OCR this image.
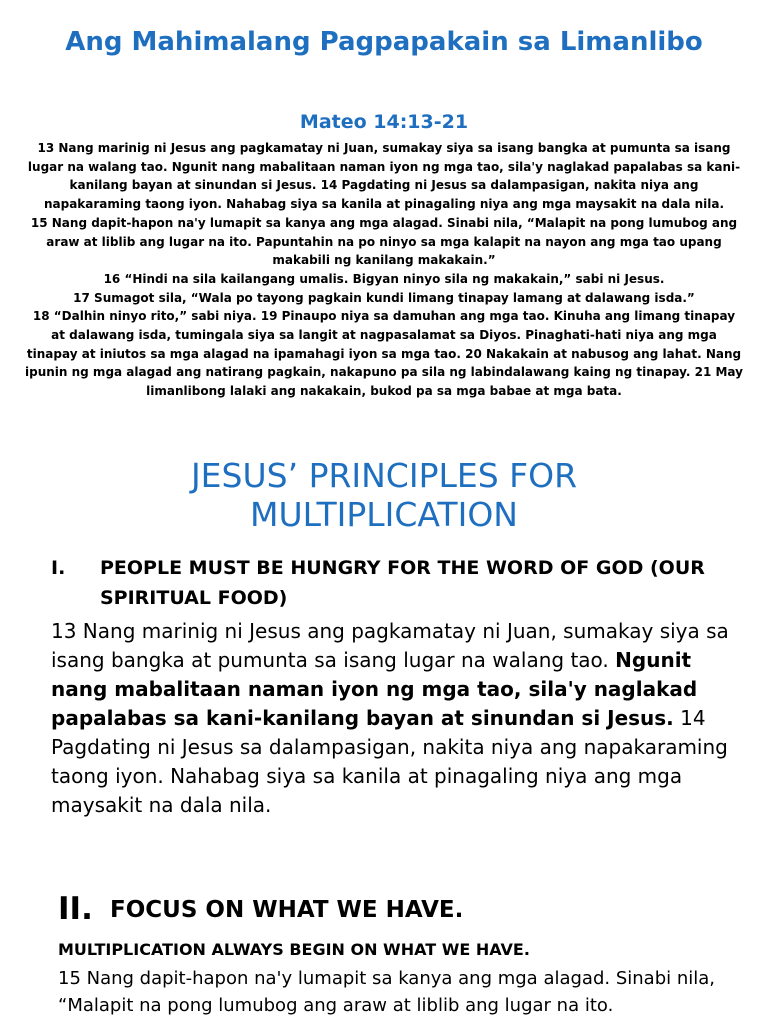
Ang Mahimalang Pagpapakain sa Limanlibo
Mateo 14:13-21

13 Nang marinig ni Jesus ang pagkamatay ni Juan, sumakay siya sa isang bangka at pumunta sa isang lugar na walang tao. Ngunit nang mabalitaan naman iyon ng mga tao, sila'y naglakad papalabas sa kani-kanilang bayan at sinundan si Jesus. 14 Pagdating ni Jesus sa dalampasigan, nakita niya ang napakaraming taong iyon. Nahabag siya sa kanila at pinagaling niya ang mga maysakit na dala nila.

15 Nang dapit-hapon na'y lumapit sa kanya ang mga alagad. Sinabi nila, “Malapit na pong lumubog ang araw at liblib ang lugar na ito. Papuntahin na po ninyo sa mga kalapit na nayon ang mga tao upang makabili ng kanilang makakain.”

16 “Hindi na sila kailangang umalis. Bigyan ninyo sila ng makakain,” sabi ni Jesus.

17 Sumagot sila, “Wala po tayong pagkain kundi limang tinapay lamang at dalawang isda.”

18 “Dalhin ninyo rito,” sabi niya. 19 Pinaupo niya sa damuhan ang mga tao. Kinuha ang limang tinapay at dalawang isda, tumingala siya sa langit at nagpasalamat sa Diyos. Pinaghati-hati niya ang mga tinapay at iniutos sa mga alagad na ipamahagi iyon sa mga tao. 20 Nakakain at nabusog ang lahat. Nang ipunin ng mga alagad ang natirang pagkain, nakapuno pa sila ng labindalawang kaing ng tinapay. 21 May limanlibong lalaki ang nakakain, bukod pa sa mga babae at mga bata.

JESUS’ PRINCIPLES FOR MULTIPLICATION
I. PEOPLE MUST BE HUNGRY FOR THE WORD OF GOD (OUR SPIRITUAL FOOD)

13 Nang marinig ni Jesus ang pagkamatay ni Juan, sumakay siya sa isang bangka at pumunta sa isang lugar na walang tao. Ngunit nang mabalitaan naman iyon ng mga tao, sila'y naglakad papalabas sa kani-kanilang bayan at sinundan si Jesus. 14 Pagdating ni Jesus sa dalampasigan, nakita niya ang napakaraming taong iyon. Nahabag siya sa kanila at pinagaling niya ang mga maysakit na dala nila.

II. FOCUS ON WHAT WE HAVE.

MULTIPLICATION ALWAYS BEGIN ON WHAT WE HAVE.

15 Nang dapit-hapon na'y lumapit sa kanya ang mga alagad. Sinabi nila, “Malapit na pong lumubog ang araw at liblib ang lugar na ito.
